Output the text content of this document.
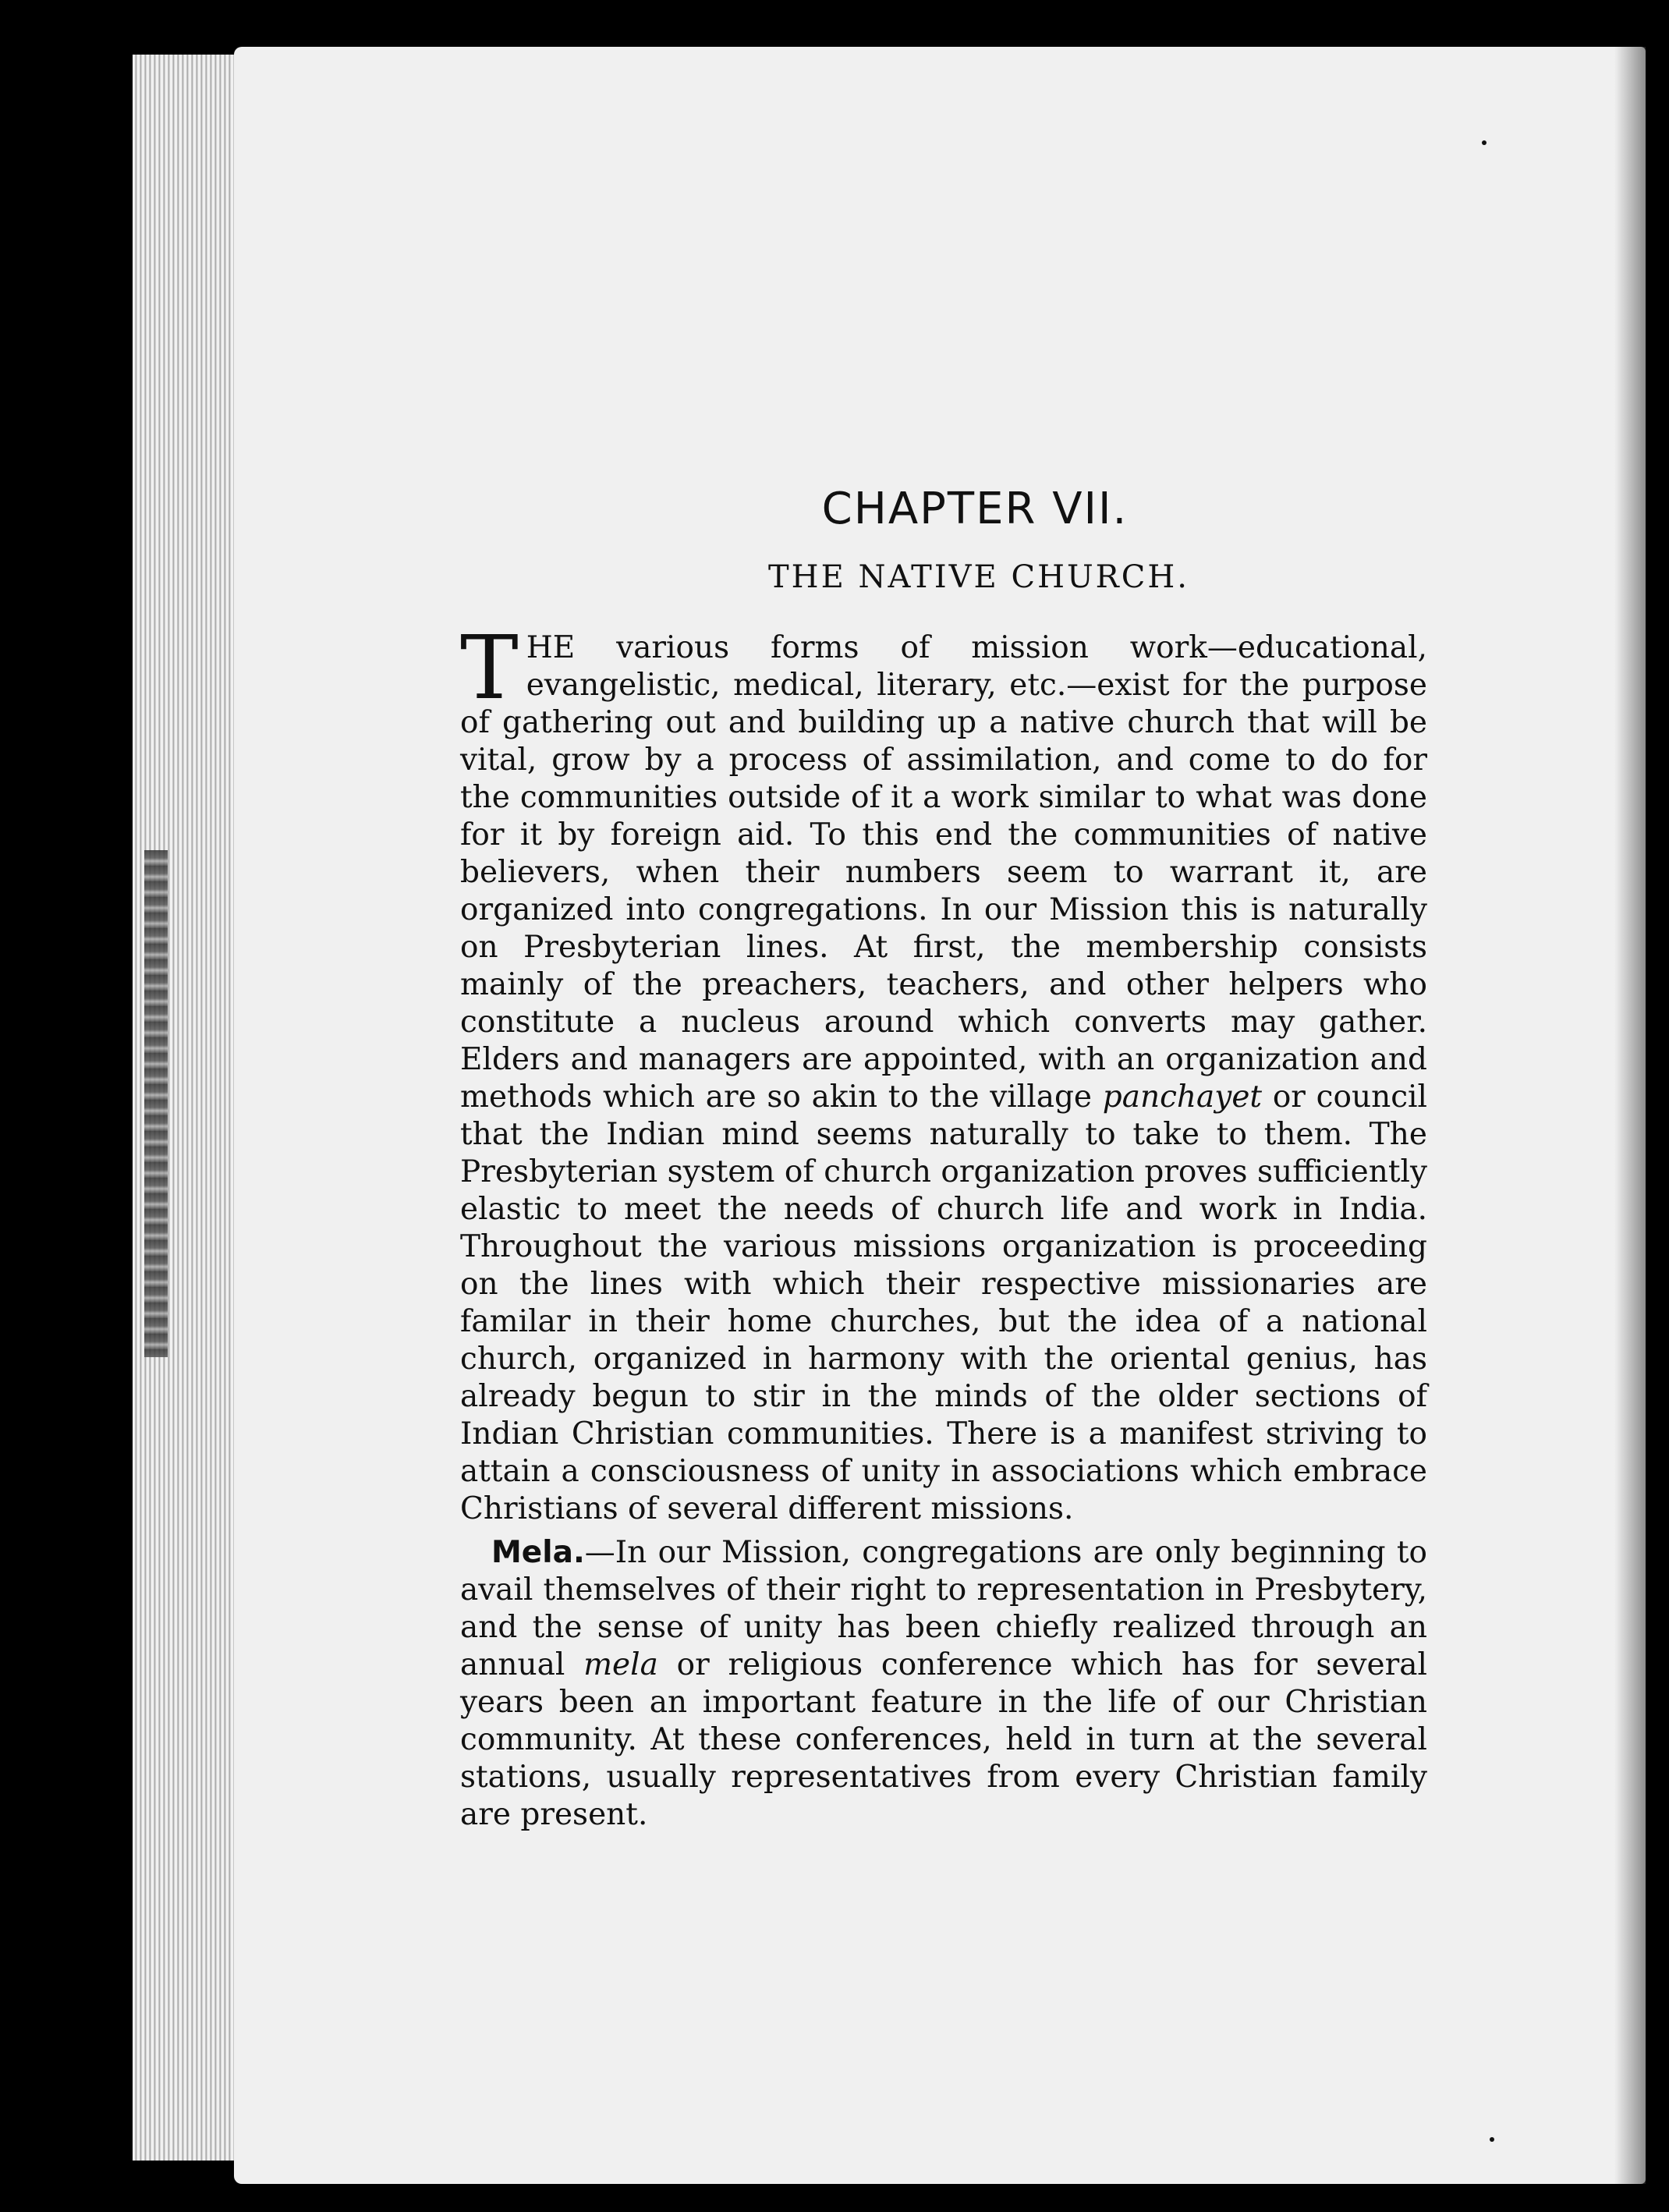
CHAPTER VII.
THE NATIVE CHURCH.

THE various forms of mission work—educational, evangelistic, medical, literary, etc.—exist for the purpose of gathering out and building up a native church that will be vital, grow by a process of assimilation, and come to do for the communities outside of it a work similar to what was done for it by foreign aid. To this end the communities of native believers, when their numbers seem to warrant it, are organized into congregations. In our Mission this is naturally on Presbyterian lines. At first, the membership consists mainly of the preachers, teachers, and other helpers who constitute a nucleus around which converts may gather. Elders and managers are appointed, with an organization and methods which are so akin to the village panchayet or council that the Indian mind seems naturally to take to them. The Presbyterian system of church organization proves sufficiently elastic to meet the needs of church life and work in India. Throughout the various missions organization is proceeding on the lines with which their respective missionaries are familar in their home churches, but the idea of a national church, organized in harmony with the oriental genius, has already begun to stir in the minds of the older sections of Indian Christian communities. There is a manifest striving to attain a consciousness of unity in associations which embrace Christians of several different missions.

Mela.—In our Mission, congregations are only beginning to avail themselves of their right to representation in Presbytery, and the sense of unity has been chiefly realized through an annual mela or religious conference which has for several years been an important feature in the life of our Christian community. At these conferences, held in turn at the several stations, usually representatives from every Christian family are present.
